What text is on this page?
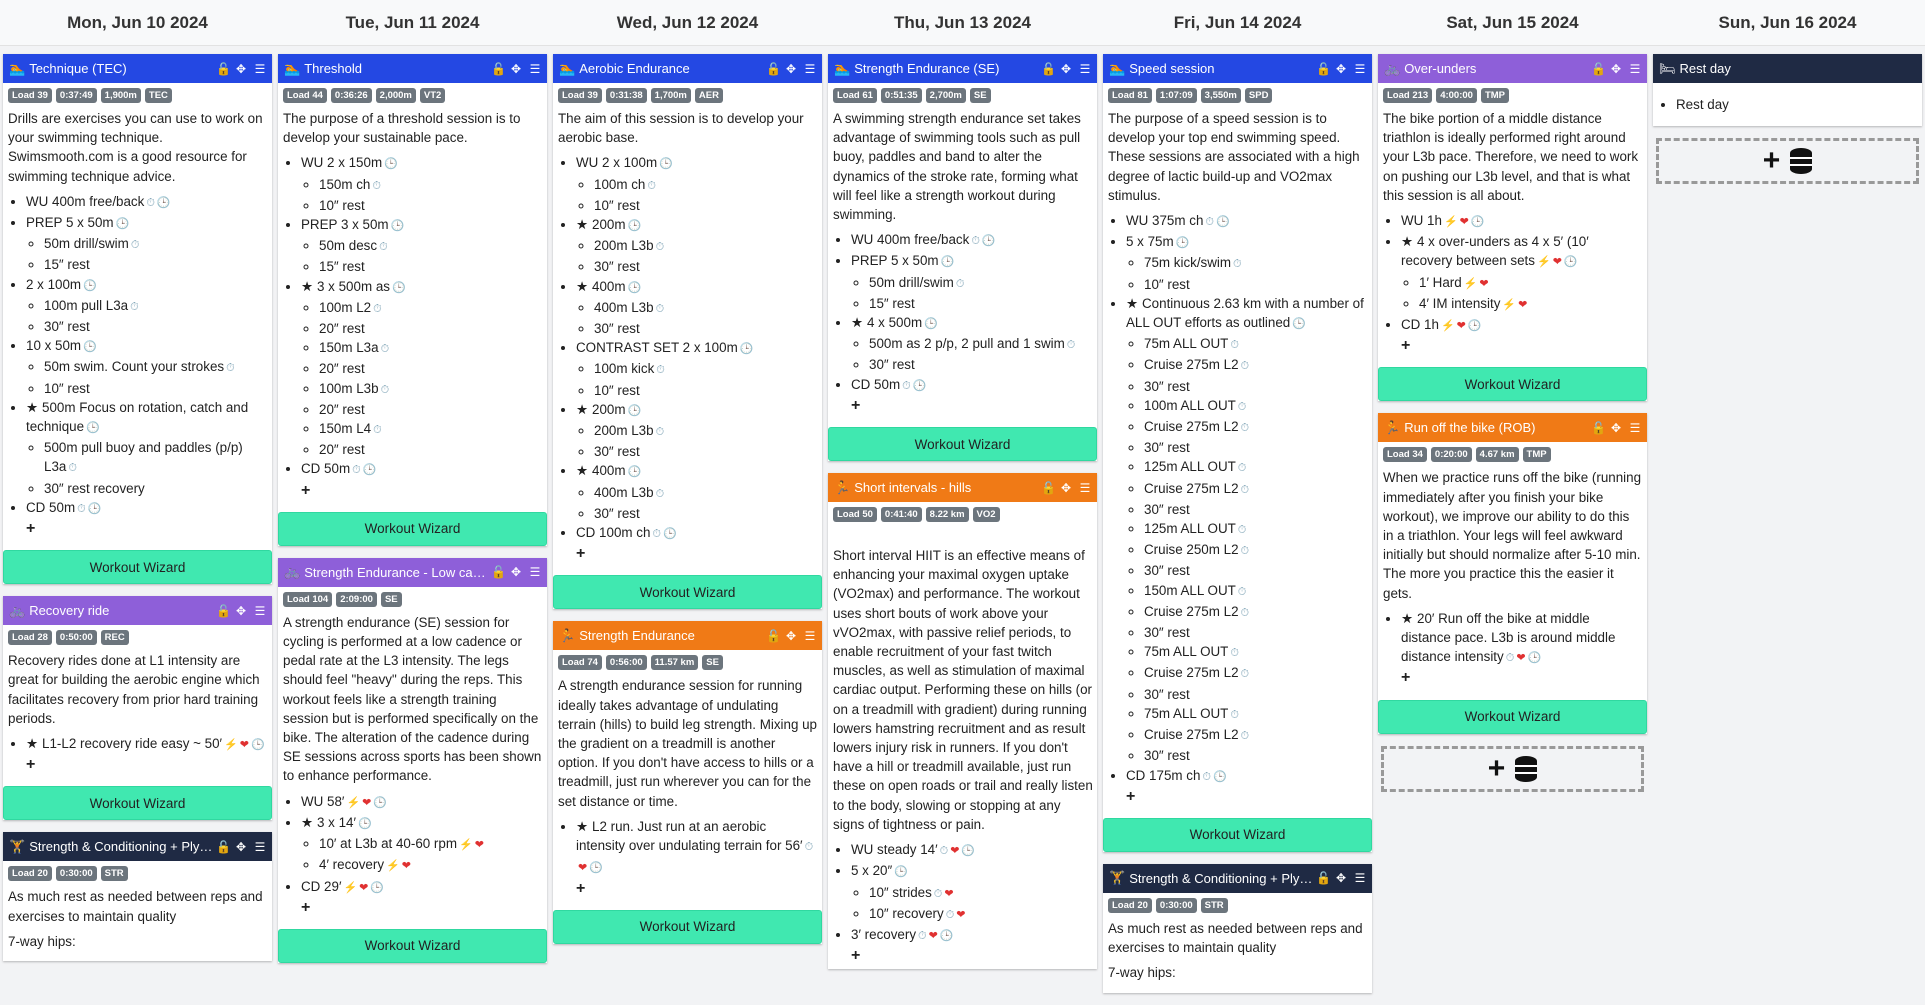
Mon, Jun 10 2024	Tue, Jun 11 2024	Wed, Jun 12 2024	Thu, Jun 13 2024	Fri, Jun 14 2024	Sat, Jun 15 2024	Sun, Jun 16 2024
🏊 Technique (TEC)	🔓 ✥ ☰
Load 39	0:37:49	1,900m	TEC

Drills are exercises you can use to work on your swimming technique. Swimsmooth.com is a good resource for swimming technique advice.

• WU 400m free/back ⏱ 🕒
• PREP 5 x 50m 🕒
◦ 50m drill/swim ⏱
◦ 15″ rest
• 2 x 100m 🕒
◦ 100m pull L3a ⏱
◦ 30″ rest
• 10 x 50m 🕒
◦ 50m swim. Count your strokes ⏱
◦ 10″ rest
• ★ 500m Focus on rotation, catch and technique 🕒
◦ 500m pull buoy and paddles (p/p) L3a ⏱
◦ 30″ rest recovery
• CD 50m ⏱ 🕒
+
Workout Wizard
🚲 Recovery ride	🔓 ✥ ☰
Load 28	0:50:00	REC

Recovery rides done at L1 intensity are great for building the aerobic engine which facilitates recovery from prior hard training periods.

• ★ L1-L2 recovery ride easy ~ 50′ ⚡ ❤ 🕒
+
Workout Wizard
🏋 Strength & Conditioning + Ply… 🔓 ✥ ☰
Load 20	0:30:00	STR

As much rest as needed between reps and exercises to maintain quality

7-way hips:

🏊 Threshold	🔓 ✥ ☰
Load 44	0:36:26	2,000m	VT2

The purpose of a threshold session is to develop your sustainable pace.

• WU 2 x 150m 🕒
◦ 150m ch ⏱
◦ 10″ rest
• PREP 3 x 50m 🕒
◦ 50m desc ⏱
◦ 15″ rest
• ★ 3 x 500m as 🕒
◦ 100m L2 ⏱
◦ 20″ rest
◦ 150m L3a ⏱
◦ 20″ rest
◦ 100m L3b ⏱
◦ 20″ rest
◦ 150m L4 ⏱
◦ 20″ rest
• CD 50m ⏱ 🕒
+
Workout Wizard
🚲 Strength Endurance - Low ca… 🔓 ✥ ☰
Load 104	2:09:00	SE

A strength endurance (SE) session for cycling is performed at a low cadence or pedal rate at the L3 intensity. The legs should feel "heavy" during the reps. This workout feels like a strength training session but is performed specifically on the bike. The alteration of the cadence during SE sessions across sports has been shown to enhance performance.

• WU 58′ ⚡ ❤ 🕒
• ★ 3 x 14′ 🕒
◦ 10′ at L3b at 40-60 rpm ⚡ ❤
◦ 4′ recovery ⚡ ❤
• CD 29′ ⚡ ❤ 🕒
+
Workout Wizard
🏊 Aerobic Endurance	🔓 ✥ ☰
Load 39	0:31:38	1,700m	AER

The aim of this session is to develop your aerobic base.

• WU 2 x 100m 🕒
◦ 100m ch ⏱
◦ 10″ rest
• ★ 200m 🕒
◦ 200m L3b ⏱
◦ 30″ rest
• ★ 400m 🕒
◦ 400m L3b ⏱
◦ 30″ rest
• CONTRAST SET 2 x 100m 🕒
◦ 100m kick ⏱
◦ 10″ rest
• ★ 200m 🕒
◦ 200m L3b ⏱
◦ 30″ rest
• ★ 400m 🕒
◦ 400m L3b ⏱
◦ 30″ rest
• CD 100m ch ⏱ 🕒
+
Workout Wizard
🏃 Strength Endurance	🔓 ✥ ☰
Load 74	0:56:00	11.57 km	SE

A strength endurance session for running ideally takes advantage of undulating terrain (hills) to build leg strength. Mixing up the gradient on a treadmill is another option. If you don't have access to hills or a treadmill, just run wherever you can for the set distance or time.

• ★ L2 run. Just run at an aerobic intensity over undulating terrain for 56′ ⏱❤ 🕒
+
Workout Wizard
🏊 Strength Endurance (SE)	🔓 ✥ ☰
Load 61	0:51:35	2,700m	SE

A swimming strength endurance set takes advantage of swimming tools such as pull buoy, paddles and band to alter the dynamics of the stroke rate, forming what will feel like a strength workout during swimming.

• WU 400m free/back ⏱ 🕒
• PREP 5 x 50m 🕒
◦ 50m drill/swim ⏱
◦ 15″ rest
• ★ 4 x 500m 🕒
◦ 500m as 2 p/p, 2 pull and 1 swim ⏱
◦ 30″ rest
• CD 50m ⏱ 🕒
+
Workout Wizard
🏃 Short intervals - hills	🔓 ✥ ☰
Load 50	0:41:40	8.22 km	VO2

Short interval HIIT is an effective means of enhancing your maximal oxygen uptake (VO2max) and performance. The workout uses short bouts of work above your vVO2max, with passive relief periods, to enable recruitment of your fast twitch muscles, as well as stimulation of maximal cardiac output. Performing these on hills (or on a treadmill with gradient) during running lowers hamstring recruitment and as result lowers injury risk in runners. If you don't have a hill or treadmill available, just run these on open roads or trail and really listen to the body, slowing or stopping at any signs of tightness or pain.

• WU steady 14′ ⏱ ❤ 🕒
• 5 x 20″ 🕒
◦ 10″ strides ⏱ ❤
◦ 10″ recovery ⏱ ❤
• 3′ recovery ⏱ ❤ 🕒
+
🏊 Speed session	🔓 ✥ ☰
Load 81	1:07:09	3,550m	SPD

The purpose of a speed session is to develop your top end swimming speed. These sessions are associated with a high degree of lactic build-up and VO2max stimulus.

• WU 375m ch ⏱ 🕒
• 5 x 75m 🕒
◦ 75m kick/swim ⏱
◦ 10″ rest
• ★ Continuous 2.63 km with a number of ALL OUT efforts as outlined 🕒
◦ 75m ALL OUT ⏱
◦ Cruise 275m L2 ⏱
◦ 30″ rest
◦ 100m ALL OUT ⏱
◦ Cruise 275m L2 ⏱
◦ 30″ rest
◦ 125m ALL OUT ⏱
◦ Cruise 275m L2 ⏱
◦ 30″ rest
◦ 125m ALL OUT ⏱
◦ Cruise 250m L2 ⏱
◦ 30″ rest
◦ 150m ALL OUT ⏱
◦ Cruise 275m L2 ⏱
◦ 30″ rest
◦ 75m ALL OUT ⏱
◦ Cruise 275m L2 ⏱
◦ 30″ rest
◦ 75m ALL OUT ⏱
◦ Cruise 275m L2 ⏱
◦ 30″ rest
• CD 175m ch ⏱ 🕒
+
Workout Wizard
🏋 Strength & Conditioning + Ply… 🔓 ✥ ☰
Load 20	0:30:00	STR

As much rest as needed between reps and exercises to maintain quality

7-way hips:

🚲 Over-unders	🔓 ✥ ☰
Load 213	4:00:00	TMP

The bike portion of a middle distance triathlon is ideally performed right around your L3b pace. Therefore, we need to work on pushing our L3b level, and that is what this session is all about.

• WU 1h ⚡ ❤ 🕒
• ★ 4 x over-unders as 4 x 5′ (10′ recovery between sets ⚡ ❤ 🕒
◦ 1′ Hard ⚡ ❤
◦ 4′ IM intensity ⚡ ❤
• CD 1h ⚡ ❤ 🕒
+
Workout Wizard
🏃 Run off the bike (ROB)	🔓 ✥ ☰
Load 34	0:20:00	4.67 km	TMP

When we practice runs off the bike (running immediately after you finish your bike workout), we improve our ability to do this in a triathlon. Your legs will feel awkward initially but should normalize after 5-10 min. The more you practice this the easier it gets.

• ★ 20′ Run off the bike at middle distance pace. L3b is around middle distance intensity ⏱ ❤ 🕒
+
Workout Wizard
+
🛏 Rest day
• Rest day
+
